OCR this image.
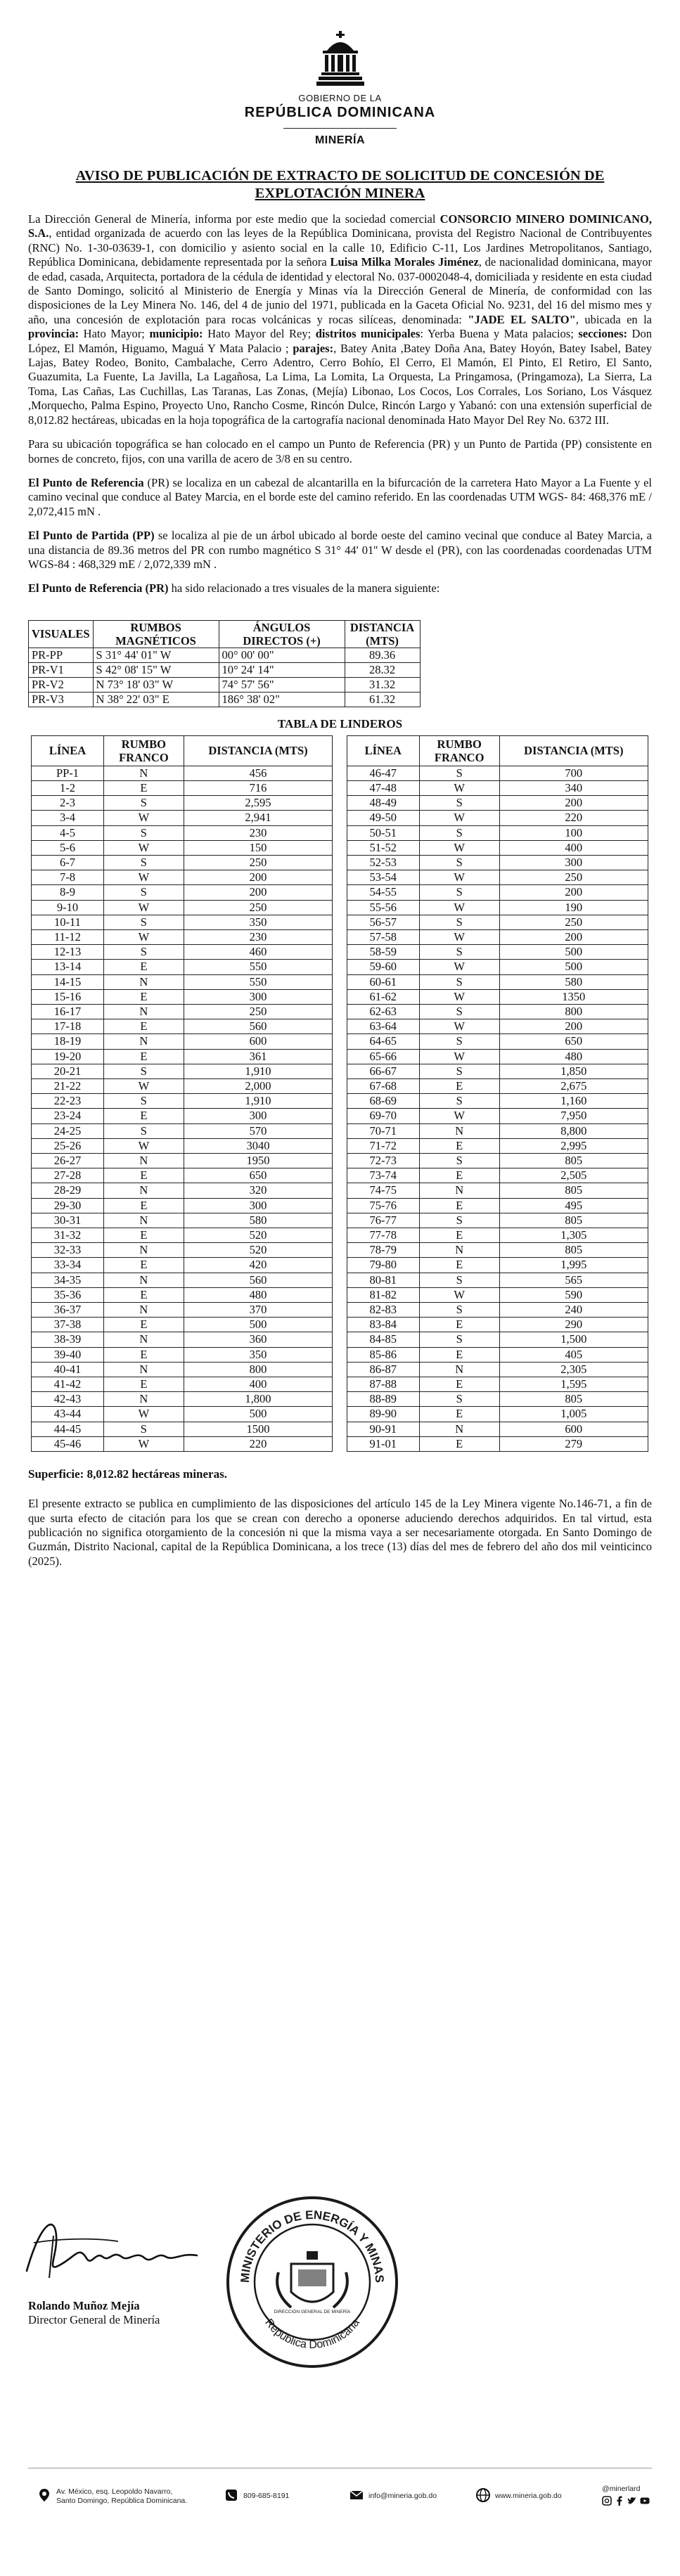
GOBIERNO DE LA
REPÚBLICA DOMINICANA
MINERÍA
AVISO DE PUBLICACIÓN DE EXTRACTO DE SOLICITUD DE CONCESIÓN DE EXPLOTACIÓN MINERA

La Dirección General de Minería, informa por este medio que la sociedad comercial CONSORCIO MINERO DOMINICANO, S.A., entidad organizada de acuerdo con las leyes de la República Dominicana, provista del Registro Nacional de Contribuyentes (RNC) No. 1-30-03639-1, con domicilio y asiento social en la calle 10, Edificio C-11, Los Jardines Metropolitanos, Santiago, República Dominicana, debidamente representada por la señora Luisa Milka Morales Jiménez, de nacionalidad dominicana, mayor de edad, casada, Arquitecta, portadora de la cédula de identidad y electoral No. 037-0002048-4, domiciliada y residente en esta ciudad de Santo Domingo, solicitó al Ministerio de Energía y Minas vía la Dirección General de Minería, de conformidad con las disposiciones de la Ley Minera No. 146, del 4 de junio del 1971, publicada en la Gaceta Oficial No. 9231, del 16 del mismo mes y año, una concesión de explotación para rocas volcánicas y rocas silíceas, denominada: "JADE EL SALTO", ubicada en la provincia: Hato Mayor; municipio: Hato Mayor del Rey; distritos municipales: Yerba Buena y Mata palacios; secciones: Don López, El Mamón, Higuamo, Maguá Y Mata Palacio ; parajes:, Batey Anita ,Batey Doña Ana, Batey Hoyón, Batey Isabel, Batey Lajas, Batey Rodeo, Bonito, Cambalache, Cerro Adentro, Cerro Bohío, El Cerro, El Mamón, El Pinto, El Retiro, El Santo, Guazumita, La Fuente, La Javilla, La Lagañosa, La Lima, La Lomita, La Orquesta, La Pringamosa, (Pringamoza), La Sierra, La Toma, Las Cañas, Las Cuchillas, Las Taranas, Las Zonas, (Mejía) Libonao, Los Cocos, Los Corrales, Los Soriano, Los Vásquez ,Morquecho, Palma Espino, Proyecto Uno, Rancho Cosme, Rincón Dulce, Rincón Largo y Yabanó: con una extensión superficial de 8,012.82 hectáreas, ubicadas en la hoja topográfica de la cartografía nacional denominada Hato Mayor Del Rey No. 6372 III.

Para su ubicación topográfica se han colocado en el campo un Punto de Referencia (PR) y un Punto de Partida (PP) consistente en bornes de concreto, fijos, con una varilla de acero de 3/8 en su centro.

El Punto de Referencia (PR) se localiza en un cabezal de alcantarilla en la bifurcación de la carretera Hato Mayor a La Fuente y el camino vecinal que conduce al Batey Marcia, en el borde este del camino referido. En las coordenadas UTM WGS- 84: 468,376 mE / 2,072,415 mN .

El Punto de Partida (PP) se localiza al pie de un árbol ubicado al borde oeste del camino vecinal que conduce al Batey Marcia, a una distancia de 89.36 metros del PR con rumbo magnético S 31° 44' 01'' W desde el (PR), con las coordenadas coordenadas UTM WGS-84 : 468,329 mE / 2,072,339 mN .

El Punto de Referencia (PR) ha sido relacionado a tres visuales de la manera siguiente:

VISUALES	RUMBOS MAGNÉTICOS	ÁNGULOS DIRECTOS (+)	DISTANCIA (MTS)
PR-PP	S 31° 44' 01" W	00° 00' 00"	89.36
PR-V1	S 42° 08' 15" W	10° 24' 14"	28.32
PR-V2	N 73° 18' 03" W	74° 57' 56"	31.32
PR-V3	N 38° 22' 03" E	186° 38' 02"	61.32
TABLA DE LINDEROS
LÍNEA	RUMBO FRANCO	DISTANCIA (MTS)		LÍNEA	RUMBO FRANCO	DISTANCIA (MTS)
PP-1	N	456		46-47	S	700
1-2	E	716		47-48	W	340
2-3	S	2,595		48-49	S	200
3-4	W	2,941		49-50	W	220
4-5	S	230		50-51	S	100
5-6	W	150		51-52	W	400
6-7	S	250		52-53	S	300
7-8	W	200		53-54	W	250
8-9	S	200		54-55	S	200
9-10	W	250		55-56	W	190
10-11	S	350		56-57	S	250
11-12	W	230		57-58	W	200
12-13	S	460		58-59	S	500
13-14	E	550		59-60	W	500
14-15	N	550		60-61	S	580
15-16	E	300		61-62	W	1350
16-17	N	250		62-63	S	800
17-18	E	560		63-64	W	200
18-19	N	600		64-65	S	650
19-20	E	361		65-66	W	480
20-21	S	1,910		66-67	S	1,850
21-22	W	2,000		67-68	E	2,675
22-23	S	1,910		68-69	S	1,160
23-24	E	300		69-70	W	7,950
24-25	S	570		70-71	N	8,800
25-26	W	3040		71-72	E	2,995
26-27	N	1950		72-73	S	805
27-28	E	650		73-74	E	2,505
28-29	N	320		74-75	N	805
29-30	E	300		75-76	E	495
30-31	N	580		76-77	S	805
31-32	E	520		77-78	E	1,305
32-33	N	520		78-79	N	805
33-34	E	420		79-80	E	1,995
34-35	N	560		80-81	S	565
35-36	E	480		81-82	W	590
36-37	N	370		82-83	S	240
37-38	E	500		83-84	E	290
38-39	N	360		84-85	S	1,500
39-40	E	350		85-86	E	405
40-41	N	800		86-87	N	2,305
41-42	E	400		87-88	E	1,595
42-43	N	1,800		88-89	S	805
43-44	W	500		89-90	E	1,005
44-45	S	1500		90-91	N	600
45-46	W	220		91-01	E	279
Superficie: 8,012.82 hectáreas mineras.

El presente extracto se publica en cumplimiento de las disposiciones del artículo 145 de la Ley Minera vigente No.146-71, a fin de que surta efecto de citación para los que se crean con derecho a oponerse aduciendo derechos adquiridos. En tal virtud, esta publicación no significa otorgamiento de la concesión ni que la misma vaya a ser necesariamente otorgada. En Santo Domingo de Guzmán, Distrito Nacional, capital de la República Dominicana, a los trece (13) días del mes de febrero del año dos mil veinticinco (2025).

Rolando Muñoz Mejía
Director General de Minería
MINISTERIO DE ENERGÍA Y MINAS
República Dominicana
DIRECCIÓN GENERAL DE MINERÍA
Av. México, esq. Leopoldo Navarro,
Santo Domingo, República Dominicana.
809-685-8191	info@mineria.gob.do	www.mineria.gob.do
@minerlard
